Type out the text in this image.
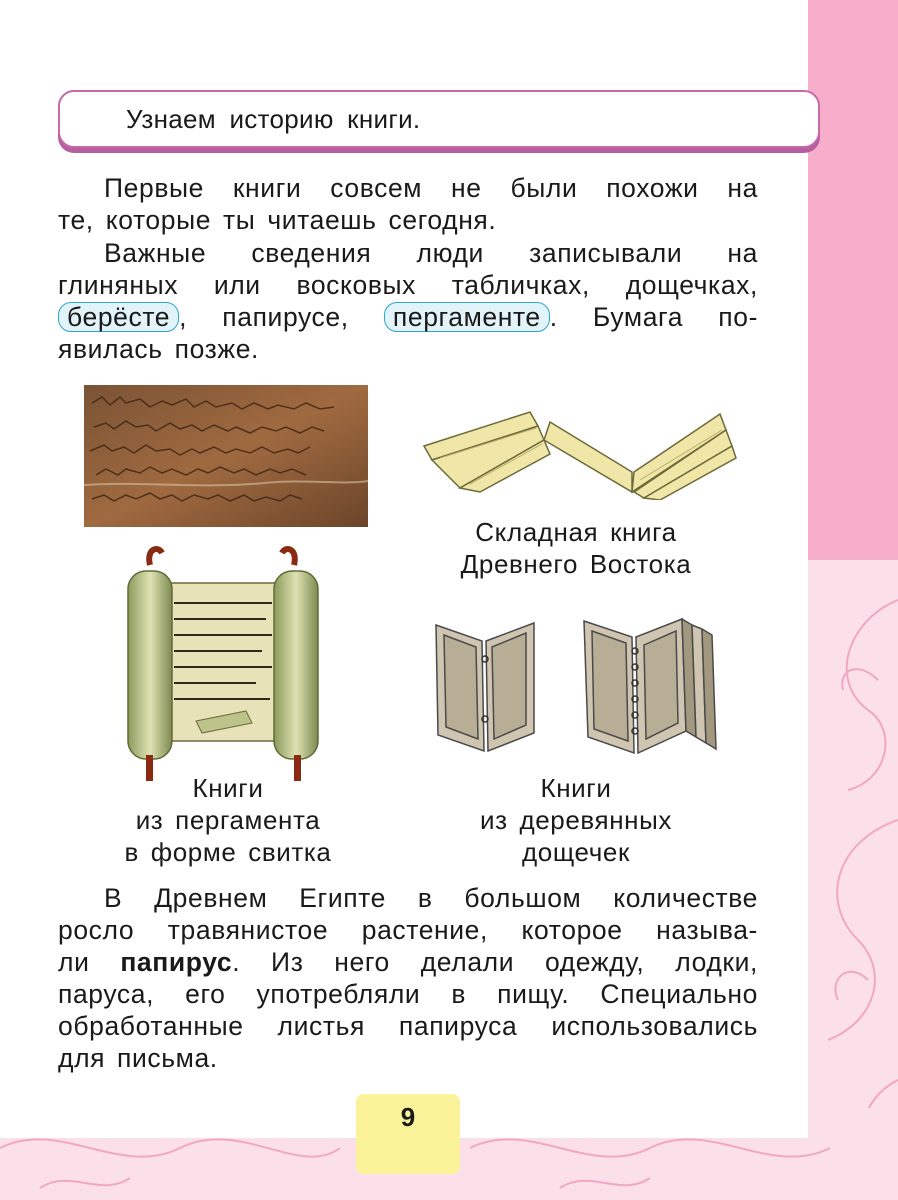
Узнаем историю книги.
Первые книги совсем не были похожи на
те, которые ты читаешь сегодня.
Важные сведения люди записывали на
глиняных или восковых табличках, дощечках,
берёсте , папирусе, пергаменте . Бумага по-
явилась позже.
Складная книга
Древнего Востока
Книги
из пергамента
в форме свитка
Книги
из деревянных
дощечек
В Древнем Египте в большом количестве
росло травянистое растение, которое называ-
ли папирус. Из него делали одежду, лодки,
паруса, его употребляли в пищу. Специально
обработанные листья папируса использовались
для письма.
9
